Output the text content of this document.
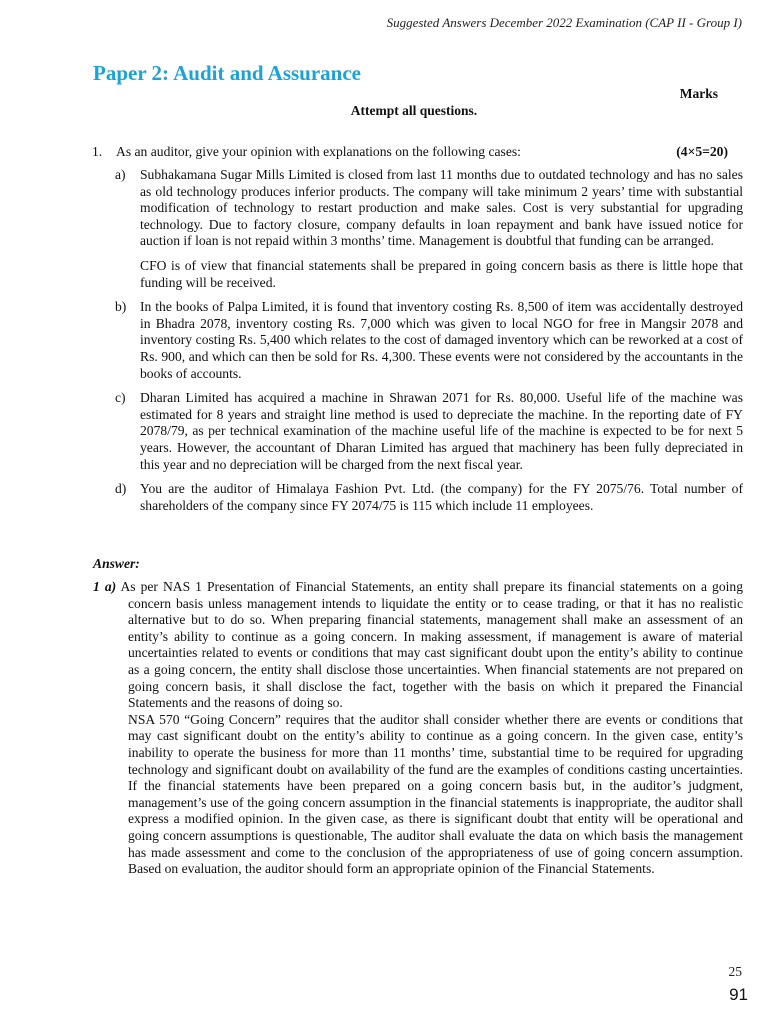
Suggested Answers December 2022 Examination (CAP II - Group I)
Paper 2: Audit and Assurance
Marks
Attempt all questions.
1. As an auditor, give your opinion with explanations on the following cases:	(4×5=20)
a) Subhakamana Sugar Mills Limited is closed from last 11 months due to outdated technology and has no sales as old technology produces inferior products. The company will take minimum 2 years’ time with substantial modification of technology to restart production and make sales. Cost is very substantial for upgrading technology. Due to factory closure, company defaults in loan repayment and bank have issued notice for auction if loan is not repaid within 3 months’ time. Management is doubtful that funding can be arranged.

CFO is of view that financial statements shall be prepared in going concern basis as there is little hope that funding will be received.

b) In the books of Palpa Limited, it is found that inventory costing Rs. 8,500 of item was accidentally destroyed in Bhadra 2078, inventory costing Rs. 7,000 which was given to local NGO for free in Mangsir 2078 and inventory costing Rs. 5,400 which relates to the cost of damaged inventory which can be reworked at a cost of Rs. 900, and which can then be sold for Rs. 4,300. These events were not considered by the accountants in the books of accounts.

c) Dharan Limited has acquired a machine in Shrawan 2071 for Rs. 80,000. Useful life of the machine was estimated for 8 years and straight line method is used to depreciate the machine. In the reporting date of FY 2078/79, as per technical examination of the machine useful life of the machine is expected to be for next 5 years. However, the accountant of Dharan Limited has argued that machinery has been fully depreciated in this year and no depreciation will be charged from the next fiscal year.

d) You are the auditor of Himalaya Fashion Pvt. Ltd. (the company) for the FY 2075/76. Total number of shareholders of the company since FY 2074/75 is 115 which include 11 employees.

Answer:

1 a) As per NAS 1 Presentation of Financial Statements, an entity shall prepare its financial statements on a going concern basis unless management intends to liquidate the entity or to cease trading, or that it has no realistic alternative but to do so. When preparing financial statements, management shall make an assessment of an entity’s ability to continue as a going concern. In making assessment, if management is aware of material uncertainties related to events or conditions that may cast significant doubt upon the entity’s ability to continue as a going concern, the entity shall disclose those uncertainties. When financial statements are not prepared on going concern basis, it shall disclose the fact, together with the basis on which it prepared the Financial Statements and the reasons of doing so.

NSA 570 “Going Concern” requires that the auditor shall consider whether there are events or conditions that may cast significant doubt on the entity’s ability to continue as a going concern. In the given case, entity’s inability to operate the business for more than 11 months’ time, substantial time to be required for upgrading technology and significant doubt on availability of the fund are the examples of conditions casting uncertainties. If the financial statements have been prepared on a going concern basis but, in the auditor’s judgment, management’s use of the going concern assumption in the financial statements is inappropriate, the auditor shall express a modified opinion. In the given case, as there is significant doubt that entity will be operational and going concern assumptions is questionable, The auditor shall evaluate the data on which basis the management has made assessment and come to the conclusion of the appropriateness of use of going concern assumption. Based on evaluation, the auditor should form an appropriate opinion of the Financial Statements.

25
91
